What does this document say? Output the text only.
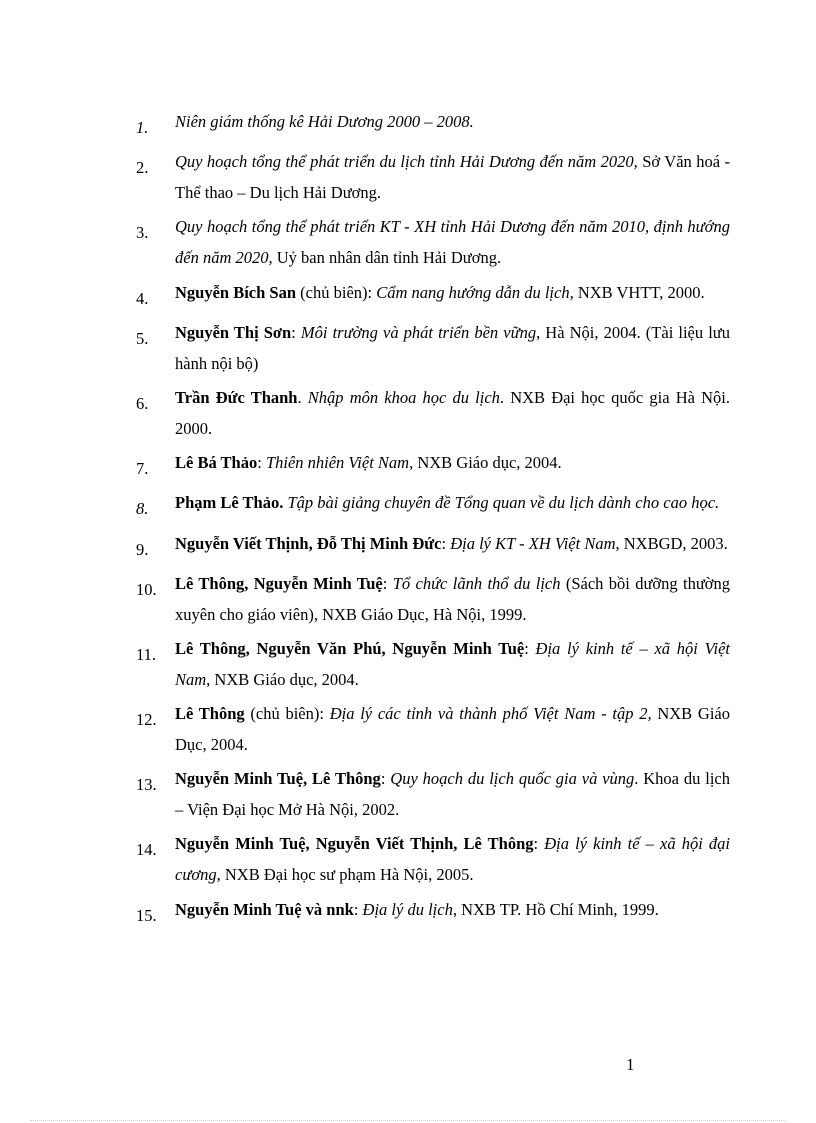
1.	Niên giám thống kê Hải Dương 2000 – 2008.
2.	Quy hoạch tổng thể phát triển du lịch tỉnh Hải Dương đến năm 2020, Sở Văn hoá - Thể thao – Du lịch Hải Dương.
3.	Quy hoạch tổng thể phát triển KT - XH tỉnh Hải Dương đến năm 2010, định hướng đến năm 2020, Uỷ ban nhân dân tỉnh Hải Dương.
4.	Nguyễn Bích San (chủ biên): Cẩm nang hướng dẫn du lịch, NXB VHTT, 2000.
5.	Nguyễn Thị Sơn: Môi trường và phát triển bền vững, Hà Nội, 2004. (Tài liệu lưu hành nội bộ)
6.	Trần Đức Thanh. Nhập môn khoa học du lịch. NXB Đại học quốc gia Hà Nội. 2000.
7.	Lê Bá Thảo: Thiên nhiên Việt Nam, NXB Giáo dục, 2004.
8.	Phạm Lê Thảo. Tập bài giảng chuyên đề Tổng quan về du lịch dành cho cao học.
9.	Nguyễn Viết Thịnh, Đỗ Thị Minh Đức: Địa lý KT - XH Việt Nam, NXBGD, 2003.
10.	Lê Thông, Nguyễn Minh Tuệ: Tổ chức lãnh thổ du lịch (Sách bồi dưỡng thường xuyên cho giáo viên), NXB Giáo Dục, Hà Nội, 1999.
11.	Lê Thông, Nguyễn Văn Phú, Nguyễn Minh Tuệ: Địa lý kinh tế – xã hội Việt Nam, NXB Giáo dục, 2004.
12.	Lê Thông (chủ biên): Địa lý các tỉnh và thành phố Việt Nam - tập 2, NXB Giáo Dục, 2004.
13.	Nguyễn Minh Tuệ, Lê Thông: Quy hoạch du lịch quốc gia và vùng. Khoa du lịch – Viện Đại học Mở Hà Nội, 2002.
14.	Nguyễn Minh Tuệ, Nguyễn Viết Thịnh, Lê Thông: Địa lý kinh tế – xã hội đại cương, NXB Đại học sư phạm Hà Nội, 2005.
15.	Nguyễn Minh Tuệ và nnk: Địa lý du lịch, NXB TP. Hồ Chí Minh, 1999.
1
